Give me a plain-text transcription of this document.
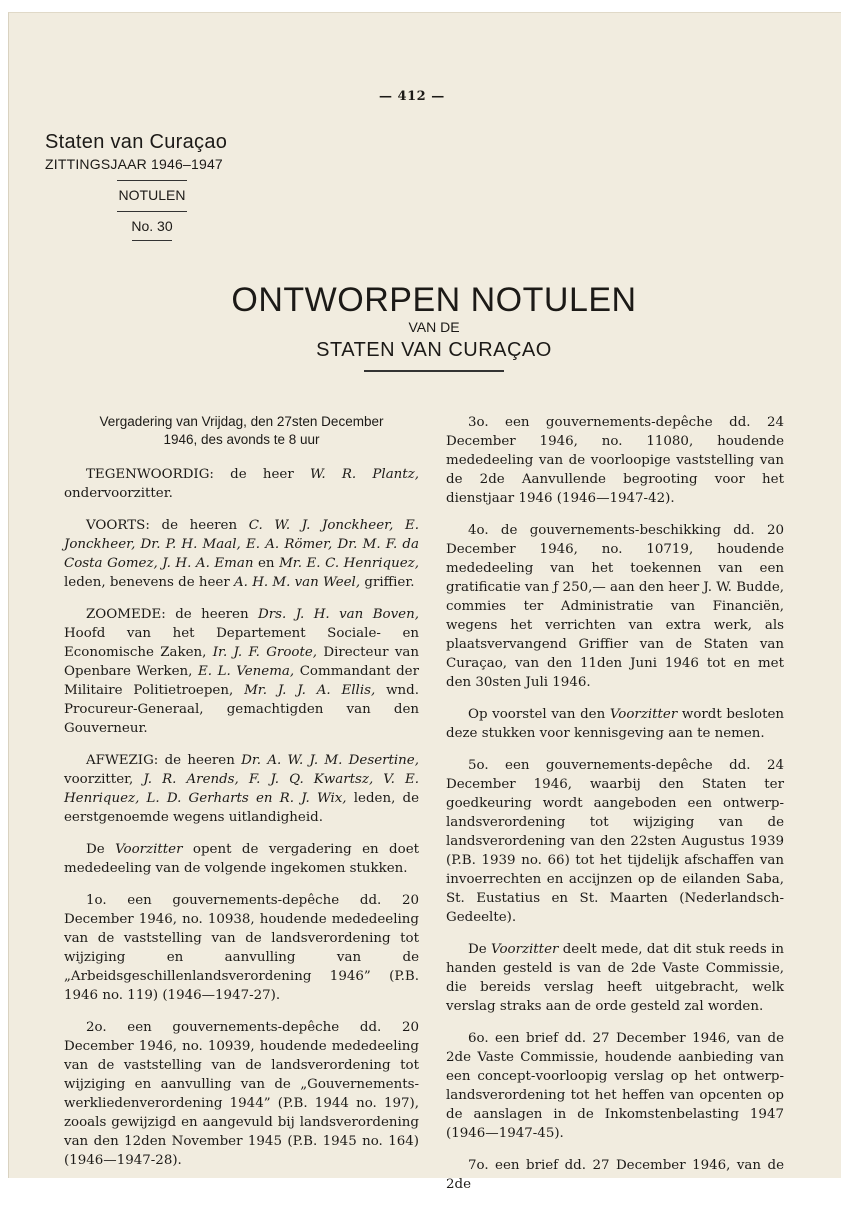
— 412 —
Staten van Curaçao
ZITTINGSJAAR 1946–1947
NOTULEN
No. 30
ONTWORPEN NOTULEN
VAN DE
STATEN VAN CURAÇAO
Vergadering van Vrijdag, den 27sten December
1946, des avonds te 8 uur

TEGENWOORDIG: de heer W. R. Plantz, ondervoorzitter.

VOORTS: de heeren C. W. J. Jonckheer, E. Jonckheer, Dr. P. H. Maal, E. A. Römer, Dr. M. F. da Costa Gomez, J. H. A. Eman en Mr. E. C. Henriquez, leden, benevens de heer A. H. M. van Weel, griffier.

ZOOMEDE: de heeren Drs. J. H. van Boven, Hoofd van het Departement Sociale- en Economische Zaken, Ir. J. F. Groote, Directeur van Openbare Werken, E. L. Venema, Commandant der Militaire Politietroepen, Mr. J. J. A. Ellis, wnd. Procureur-Generaal, gemachtigden van den Gouverneur.

AFWEZIG: de heeren Dr. A. W. J. M. Desertine, voorzitter, J. R. Arends, F. J. Q. Kwartsz, V. E. Henriquez, L. D. Gerharts en R. J. Wix, leden, de eerstgenoemde wegens uitlandigheid.

De Voorzitter opent de vergadering en doet mededeeling van de volgende ingekomen stukken.

1o. een gouvernements-depêche dd. 20 December 1946, no. 10938, houdende mededeeling van de vaststelling van de landsverordening tot wijziging en aanvulling van de „Arbeidsgeschillenlandsverordening 1946” (P.B. 1946 no. 119) (1946—1947-27).

2o. een gouvernements-depêche dd. 20 December 1946, no. 10939, houdende mededeeling van de vaststelling van de landsverordening tot wijziging en aanvulling van de „Gouvernements-werkliedenverordening 1944” (P.B. 1944 no. 197), zooals gewijzigd en aangevuld bij landsverordening van den 12den November 1945 (P.B. 1945 no. 164) (1946—1947-28).

3o. een gouvernements-depêche dd. 24 December 1946, no. 11080, houdende mededeeling van de voorloopige vaststelling van de 2de Aanvullende begrooting voor het dienstjaar 1946 (1946—1947-42).

4o. de gouvernements-beschikking dd. 20 December 1946, no. 10719, houdende mededeeling van het toekennen van een gratificatie van ƒ 250,— aan den heer J. W. Budde, commies ter Administratie van Financiën, wegens het verrichten van extra werk, als plaatsvervangend Griffier van de Staten van Curaçao, van den 11den Juni 1946 tot en met den 30sten Juli 1946.

Op voorstel van den Voorzitter wordt besloten deze stukken voor kennisgeving aan te nemen.

5o. een gouvernements-depêche dd. 24 December 1946, waarbij den Staten ter goedkeuring wordt aangeboden een ontwerp-landsverordening tot wijziging van de landsverordening van den 22sten Augustus 1939 (P.B. 1939 no. 66) tot het tijdelijk afschaffen van invoerrechten en accijnzen op de eilanden Saba, St. Eustatius en St. Maarten (Nederlandsch-Gedeelte).

De Voorzitter deelt mede, dat dit stuk reeds in handen gesteld is van de 2de Vaste Commissie, die bereids verslag heeft uitgebracht, welk verslag straks aan de orde gesteld zal worden.

6o. een brief dd. 27 December 1946, van de 2de Vaste Commissie, houdende aanbieding van een concept-voorloopig verslag op het ontwerp-landsverordening tot het heffen van opcenten op de aanslagen in de Inkomstenbelasting 1947 (1946—1947-45).

7o. een brief dd. 27 December 1946, van de 2de
